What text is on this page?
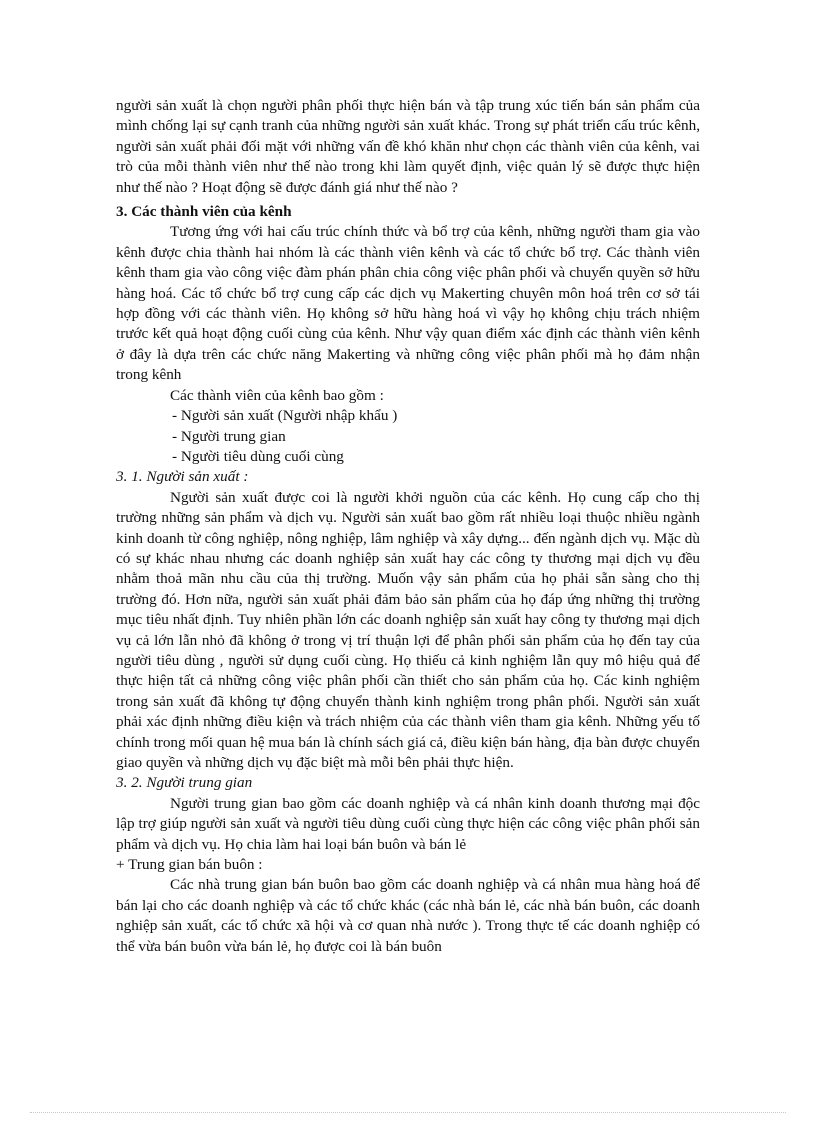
người sản xuất là chọn người phân phối thực hiện bán và tập trung xúc tiến bán sản phẩm của mình chống lại sự cạnh tranh của những người sản xuất khác. Trong sự phát triển cấu trúc kênh, người sản xuất phải đối mặt với những vấn đề khó khăn như chọn các thành viên của kênh, vai trò của mỗi thành viên như thế nào trong khi làm quyết định, việc quản lý sẽ được thực hiện như thế nào ? Hoạt động sẽ được đánh giá như thế nào ?

3. Các thành viên của kênh

Tương ứng với hai cấu trúc chính thức và bổ trợ của kênh, những người tham gia vào kênh được chia thành hai nhóm là các thành viên kênh và các tổ chức bổ trợ. Các thành viên kênh tham gia vào công việc đàm phán phân chia công việc phân phối và chuyển quyền sở hữu hàng hoá. Các tổ chức bổ trợ cung cấp các dịch vụ Makerting chuyên môn hoá trên cơ sở tái hợp đồng với các thành viên. Họ không sở hữu hàng hoá vì vậy họ không chịu trách nhiệm trước kết quả hoạt động cuối cùng của kênh. Như vậy quan điểm xác định các thành viên kênh ở đây là dựa trên các chức năng Makerting và những công việc phân phối mà họ đảm nhận trong kênh

Các thành viên của kênh bao gồm :

- Người sản xuất (Người nhập khẩu )

- Người trung gian

- Người tiêu dùng cuối cùng

3. 1. Người sản xuất :

Người sản xuất được coi là người khởi nguồn của các kênh. Họ cung cấp cho thị trường những sản phẩm và dịch vụ. Người sản xuất bao gồm rất nhiều loại thuộc nhiều ngành kinh doanh từ công nghiệp, nông nghiệp, lâm nghiệp và xây dựng... đến ngành dịch vụ. Mặc dù có sự khác nhau nhưng các doanh nghiệp sản xuất hay các công ty thương mại dịch vụ đều nhằm thoả mãn nhu cầu của thị trường. Muốn vậy sản phẩm của họ phải sẵn sàng cho thị trường đó. Hơn nữa, người sản xuất phải đảm bảo sản phẩm của họ đáp ứng những thị trường mục tiêu nhất định. Tuy nhiên phần lớn các doanh nghiệp sản xuất hay công ty thương mại dịch vụ cả lớn lẫn nhỏ đã không ở trong vị trí thuận lợi để phân phối sản phẩm của họ đến tay của người tiêu dùng , người sử dụng cuối cùng. Họ thiếu cả kinh nghiệm lẫn quy mô hiệu quả để thực hiện tất cả những công việc phân phối cần thiết cho sản phẩm của họ. Các kinh nghiệm trong sản xuất đã không tự động chuyển thành kinh nghiệm trong phân phối. Người sản xuất phải xác định những điều kiện và trách nhiệm của các thành viên tham gia kênh. Những yếu tố chính trong mối quan hệ mua bán là chính sách giá cả, điều kiện bán hàng, địa bàn được chuyển giao quyền và những dịch vụ đặc biệt mà mỗi bên phải thực hiện.

3. 2. Người trung gian

Người trung gian bao gồm các doanh nghiệp và cá nhân kinh doanh thương mại độc lập trợ giúp người sản xuất và người tiêu dùng cuối cùng thực hiện các công việc phân phối sản phẩm và dịch vụ. Họ chia làm hai loại bán buôn và bán lẻ

+ Trung gian bán buôn :

Các nhà trung gian bán buôn bao gồm các doanh nghiệp và cá nhân mua hàng hoá để bán lại cho các doanh nghiệp và các tổ chức khác (các nhà bán lẻ, các nhà bán buôn, các doanh nghiệp sản xuất, các tổ chức xã hội và cơ quan nhà nước ). Trong thực tế các doanh nghiệp có thể vừa bán buôn vừa bán lẻ, họ được coi là bán buôn
